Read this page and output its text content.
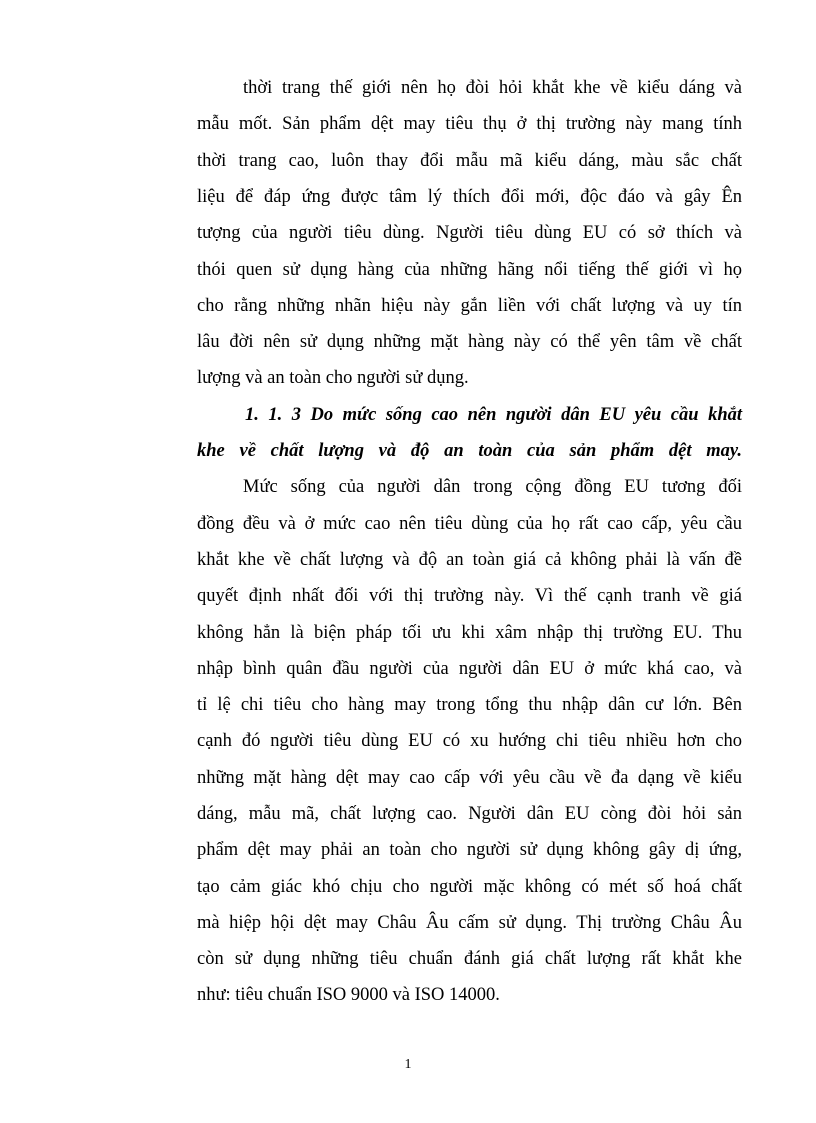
thời trang thế giới nên họ đòi hỏi khắt khe về kiểu dáng và
mẫu mốt. Sản phẩm dệt may tiêu thụ ở thị trường này mang tính
thời trang cao, luôn thay đổi mẫu mã kiểu dáng, màu sắc chất
liệu để đáp ứng được tâm lý thích đổi mới, độc đáo và gây Ên
tượng của người tiêu dùng. Người tiêu dùng EU có sở thích và
thói quen sử dụng hàng của những hãng nổi tiếng thế giới vì họ
cho rằng những nhãn hiệu này gắn liền với chất lượng và uy tín
lâu đời nên sử dụng những mặt hàng này có thể yên tâm về chất
lượng và an toàn cho người sử dụng.
1. 1. 3 Do mức sống cao nên người dân EU yêu cầu khắt
khe về chất lượng và độ an toàn của sản phẩm dệt may.
Mức sống của người dân trong cộng đồng EU tương đối
đồng đều và ở mức cao nên tiêu dùng của họ rất cao cấp, yêu cầu
khắt khe về chất lượng và độ an toàn giá cả không phải là vấn đề
quyết định nhất đối với thị trường này. Vì thế cạnh tranh về giá
không hẳn là biện pháp tối ưu khi xâm nhập thị trường EU. Thu
nhập bình quân đầu người của người dân EU ở mức khá cao, và
tỉ lệ chi tiêu cho hàng may trong tổng thu nhập dân cư lớn. Bên
cạnh đó người tiêu dùng EU có xu hướng chi tiêu nhiều hơn cho
những mặt hàng dệt may cao cấp với yêu cầu về đa dạng về kiểu
dáng, mẫu mã, chất lượng cao. Người dân EU còng đòi hỏi sản
phẩm dệt may phải an toàn cho người sử dụng không gây dị ứng,
tạo cảm giác khó chịu cho người mặc không có mét số hoá chất
mà hiệp hội dệt may Châu Âu cấm sử dụng. Thị trường Châu Âu
còn sử dụng những tiêu chuẩn đánh giá chất lượng rất khắt khe
như: tiêu chuẩn ISO 9000 và ISO 14000.
1
